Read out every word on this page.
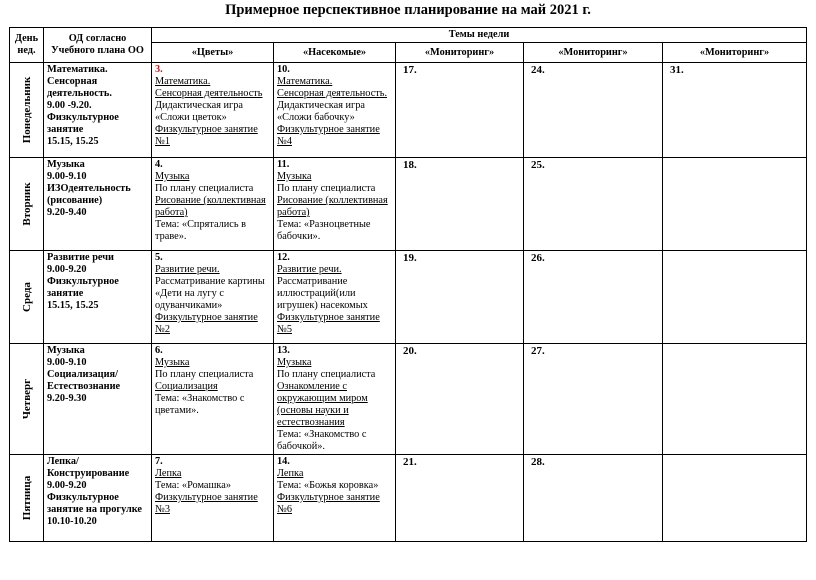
Примерное перспективное планирование на май 2021 г.
День нед.	ОД согласно Учебного плана ОО	Темы недели				
		«Цветы»	«Насекомые»	«Мониторинг»	«Мониторинг»	«Мониторинг»

Понедельник	Математика.
Сенсорная деятельность.
9.00 -9.20.
Физкультурное занятие
15.15, 15.25	3.
Математика.
Сенсорная деятельность
Дидактическая игра «Сложи цветок»
Физкультурное занятие №1	10.
Математика.
Сенсорная деятельность.
Дидактическая игра «Сложи бабочку»
Физкультурное занятие №4	17.	24.	31.

Вторник	Музыка
9.00-9.10
ИЗОдеятельность (рисование)
9.20-9.40	4.
Музыка
По плану специалиста
Рисование (коллективная работа)
Тема: «Спрятались в траве».	11.
Музыка
По плану специалиста
Рисование (коллективная работа)
Тема: «Разноцветные бабочки».	18.	25.	

Среда	Развитие речи
9.00-9.20
Физкультурное занятие
15.15, 15.25	5.
Развитие речи.
Рассматривание картины «Дети на лугу с одуванчиками»
Физкультурное занятие №2	12.
Развитие речи.
Рассматривание иллюстраций(или игрушек) насекомых
Физкультурное занятие №5	19.	26.	

Четверг	Музыка
9.00-9.10
Социализация/ Естествознание
9.20-9.30	6.
Музыка
По плану специалиста
Социализация
Тема: «Знакомство с цветами».	13.
Музыка
По плану специалиста
Ознакомление с окружающим миром (основы науки и естествознания
Тема: «Знакомство с бабочкой».	20.	27.	

Пятница	Лепка/ Конструирование
9.00-9.20
Физкультурное занятие на прогулке
10.10-10.20	7.
Лепка
Тема: «Ромашка»
Физкультурное занятие №3	14.
Лепка
Тема: «Божья коровка»
Физкультурное занятие №6	21.	28.	
